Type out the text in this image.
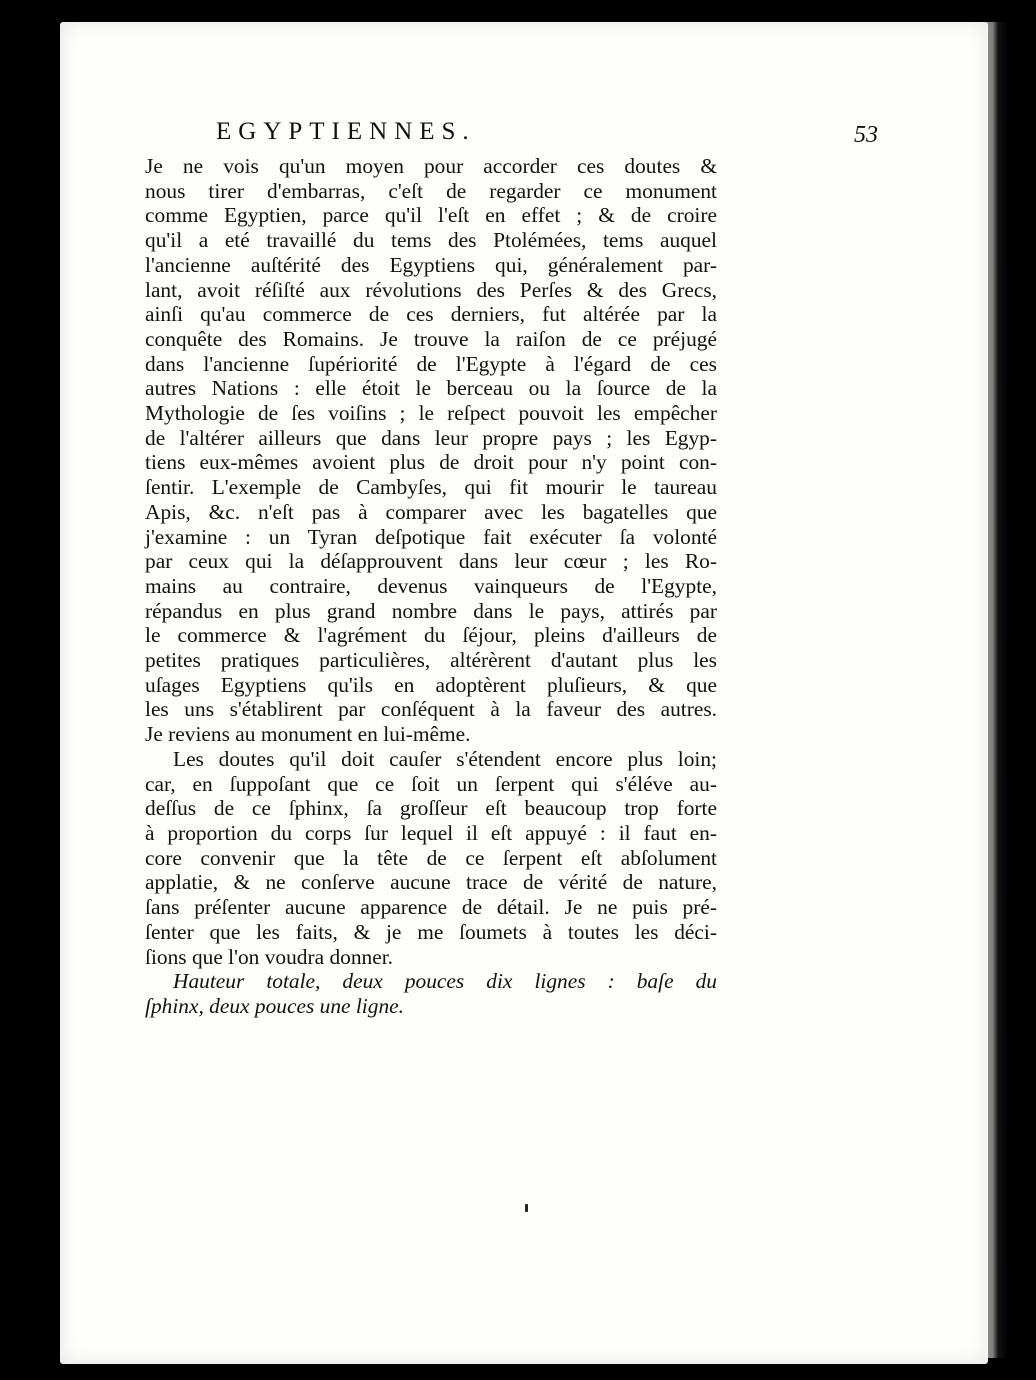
EGYPTIENNES.	53

Je ne vois qu'un moyen pour accorder ces doutes &
nous tirer d'embarras, c'eſt de regarder ce monument
comme Egyptien, parce qu'il l'eſt en effet ; & de croire
qu'il a eté travaillé du tems des Ptolémées, tems auquel
l'ancienne auſtérité des Egyptiens qui, généralement par-
lant, avoit réſiſté aux révolutions des Perſes & des Grecs,
ainſi qu'au commerce de ces derniers, fut altérée par la
conquête des Romains. Je trouve la raiſon de ce préjugé
dans l'ancienne ſupériorité de l'Egypte à l'égard de ces
autres Nations : elle étoit le berceau ou la ſource de la
Mythologie de ſes voiſins ; le reſpect pouvoit les empêcher
de l'altérer ailleurs que dans leur propre pays ; les Egyp-
tiens eux-mêmes avoient plus de droit pour n'y point con-
ſentir. L'exemple de Cambyſes, qui fit mourir le taureau
Apis, &c. n'eſt pas à comparer avec les bagatelles que
j'examine : un Tyran deſpotique fait exécuter ſa volonté
par ceux qui la déſapprouvent dans leur cœur ; les Ro-
mains au contraire, devenus vainqueurs de l'Egypte,
répandus en plus grand nombre dans le pays, attirés par
le commerce & l'agrément du ſéjour, pleins d'ailleurs de
petites pratiques particulières, altérèrent d'autant plus les
uſages Egyptiens qu'ils en adoptèrent pluſieurs, & que
les uns s'établirent par conſéquent à la faveur des autres.
Je reviens au monument en lui-même.

Les doutes qu'il doit cauſer s'étendent encore plus loin;
car, en ſuppoſant que ce ſoit un ſerpent qui s'éléve au-
deſſus de ce ſphinx, ſa groſſeur eſt beaucoup trop forte
à proportion du corps ſur lequel il eſt appuyé : il faut en-
core convenir que la tête de ce ſerpent eſt abſolument
applatie, & ne conſerve aucune trace de vérité de nature,
ſans préſenter aucune apparence de détail. Je ne puis pré-
ſenter que les faits, & je me ſoumets à toutes les déci-
ſions que l'on voudra donner.

Hauteur totale, deux pouces dix lignes : baſe du
ſphinx, deux pouces une ligne.
